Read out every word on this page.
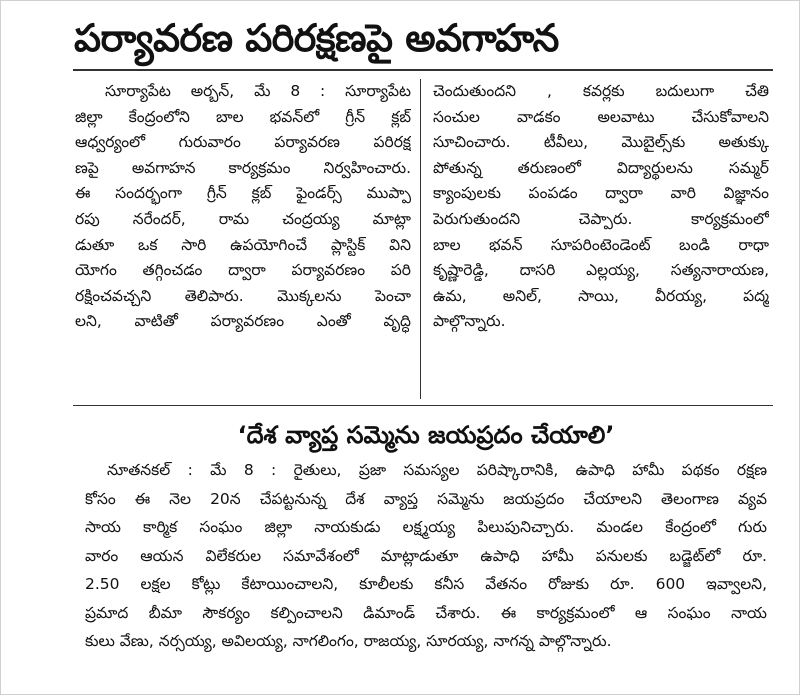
పర్యావరణ పరిరక్షణపై అవగాహన
సూర్యాపేట అర్బన్, మే 8 : సూర్యాపేట
జిల్లా కేంద్రంలోని బాల భవన్‌లో గ్రీన్ క్లబ్
ఆధ్వర్యంలో గురువారం పర్యావరణ పరిరక్ష
ణపై అవగాహన కార్యక్రమం నిర్వహించారు.
ఈ సందర్భంగా గ్రీన్ క్లబ్ ఫైండర్స్ ముప్పా
రపు నరేందర్, రామ చంద్రయ్య మాట్లా
డుతూ ఒక సారి ఉపయోగించే ప్లాస్టిక్ విని
యోగం తగ్గించడం ద్వారా పర్యావరణం పరి
రక్షించవచ్చని తెలిపారు. మొక్కలను పెంచా
లని, వాటితో పర్యావరణం ఎంతో వృద్ధి
చెందుతుందని , కవర్లకు బదులుగా చేతి
సంచుల వాడకం అలవాటు చేసుకోవాలని
సూచించారు. టీవీలు, మొబైల్స్‌కు అతుక్కు
పోతున్న తరుణంలో విద్యార్థులను సమ్మర్
క్యాంపులకు పంపడం ద్వారా వారి విజ్ఞానం
పెరుగుతుందని చెప్పారు. కార్యక్రమంలో
బాల భవన్ సూపరింటెండెంట్ బండి రాధా
కృష్ణారెడ్డి, దాసరి ఎల్లయ్య, సత్యనారాయణ,
ఉమ, అనిల్, సాయి, వీరయ్య, పద్మ
పాల్గొన్నారు.
‘దేశ వ్యాప్త సమ్మెను జయప్రదం చేయాలి’
నూతనకల్ : మే 8 : రైతులు, ప్రజా సమస్యల పరిష్కారానికి, ఉపాధి హామీ పథకం రక్షణ
కోసం ఈ నెల 20న చేపట్టనున్న దేశ వ్యాప్త సమ్మెను జయప్రదం చేయాలని తెలంగాణ వ్యవ
సాయ కార్మిక సంఘం జిల్లా నాయకుడు లక్ష్మయ్య పిలుపునిచ్చారు. మండల కేంద్రంలో గురు
వారం ఆయన విలేకరుల సమావేశంలో మాట్లాడుతూ ఉపాధి హామీ పనులకు బడ్జెట్‌లో రూ.
2.50 లక్షల కోట్లు కేటాయించాలని, కూలీలకు కనీస వేతనం రోజుకు రూ. 600 ఇవ్వాలని,
ప్రమాద బీమా సౌకర్యం కల్పించాలని డిమాండ్ చేశారు. ఈ కార్యక్రమంలో ఆ సంఘం నాయ
కులు వేణు, నర్సయ్య, అవిలయ్య, నాగలింగం, రాజయ్య, సూరయ్య, నాగన్న పాల్గొన్నారు.
